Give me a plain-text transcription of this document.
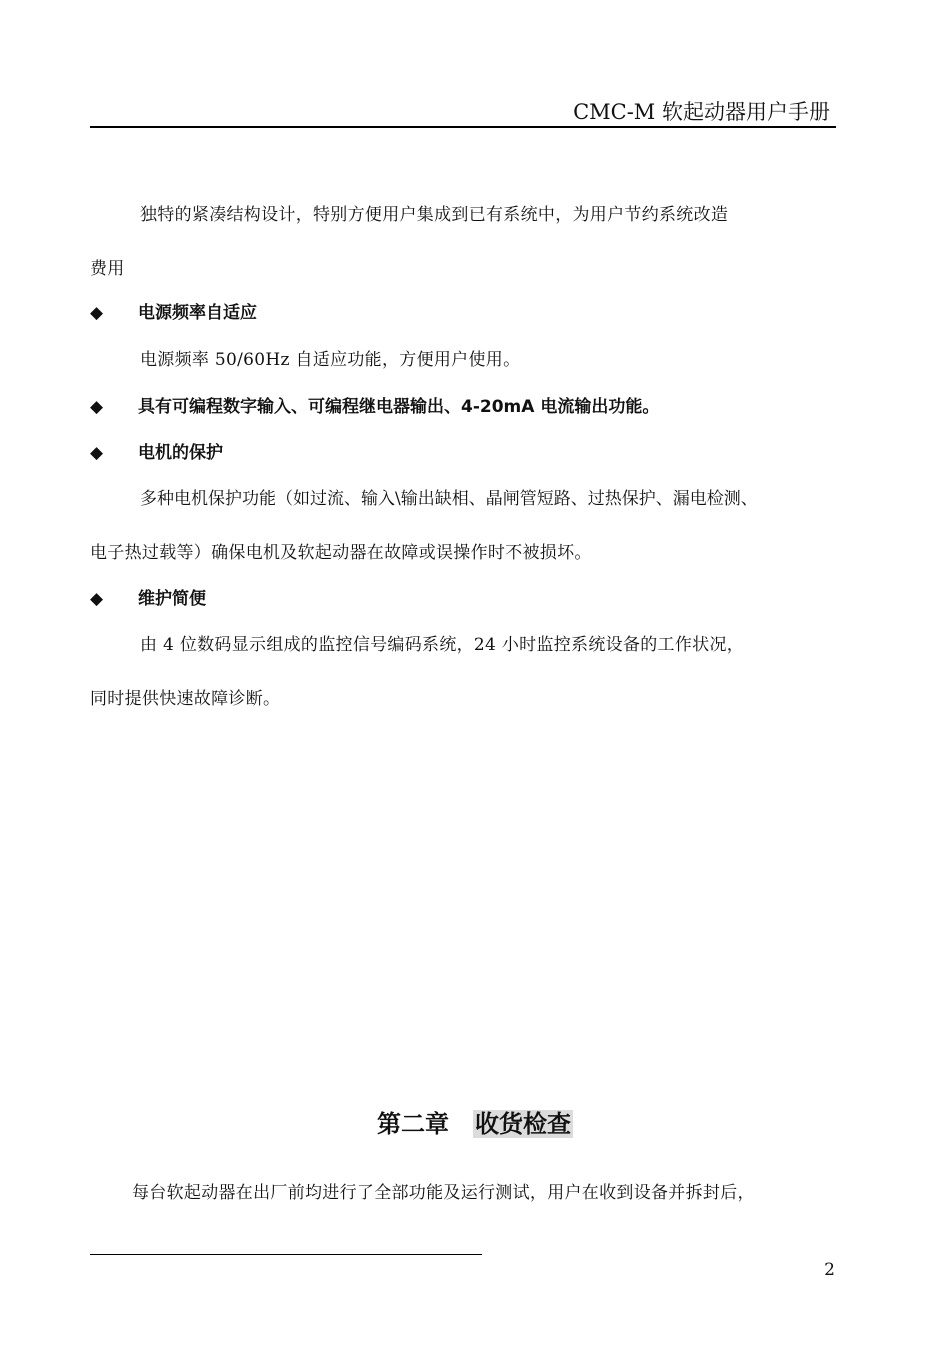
CMC-M 软起动器用户手册
独特的紧凑结构设计，特别方便用户集成到已有系统中，为用户节约系统改造
费用
◆ 电源频率自适应
电源频率 50/60Hz 自适应功能，方便用户使用。
◆ 具有可编程数字输入、可编程继电器输出、4-20mA 电流输出功能。
◆ 电机的保护
多种电机保护功能（如过流、输入\输出缺相、晶闸管短路、过热保护、漏电检测、
电子热过载等）确保电机及软起动器在故障或误操作时不被损坏。
◆ 维护简便
由 4 位数码显示组成的监控信号编码系统，24 小时监控系统设备的工作状况，
同时提供快速故障诊断。
第二章　 收货检查
每台软起动器在出厂前均进行了全部功能及运行测试，用户在收到设备并拆封后，
2
